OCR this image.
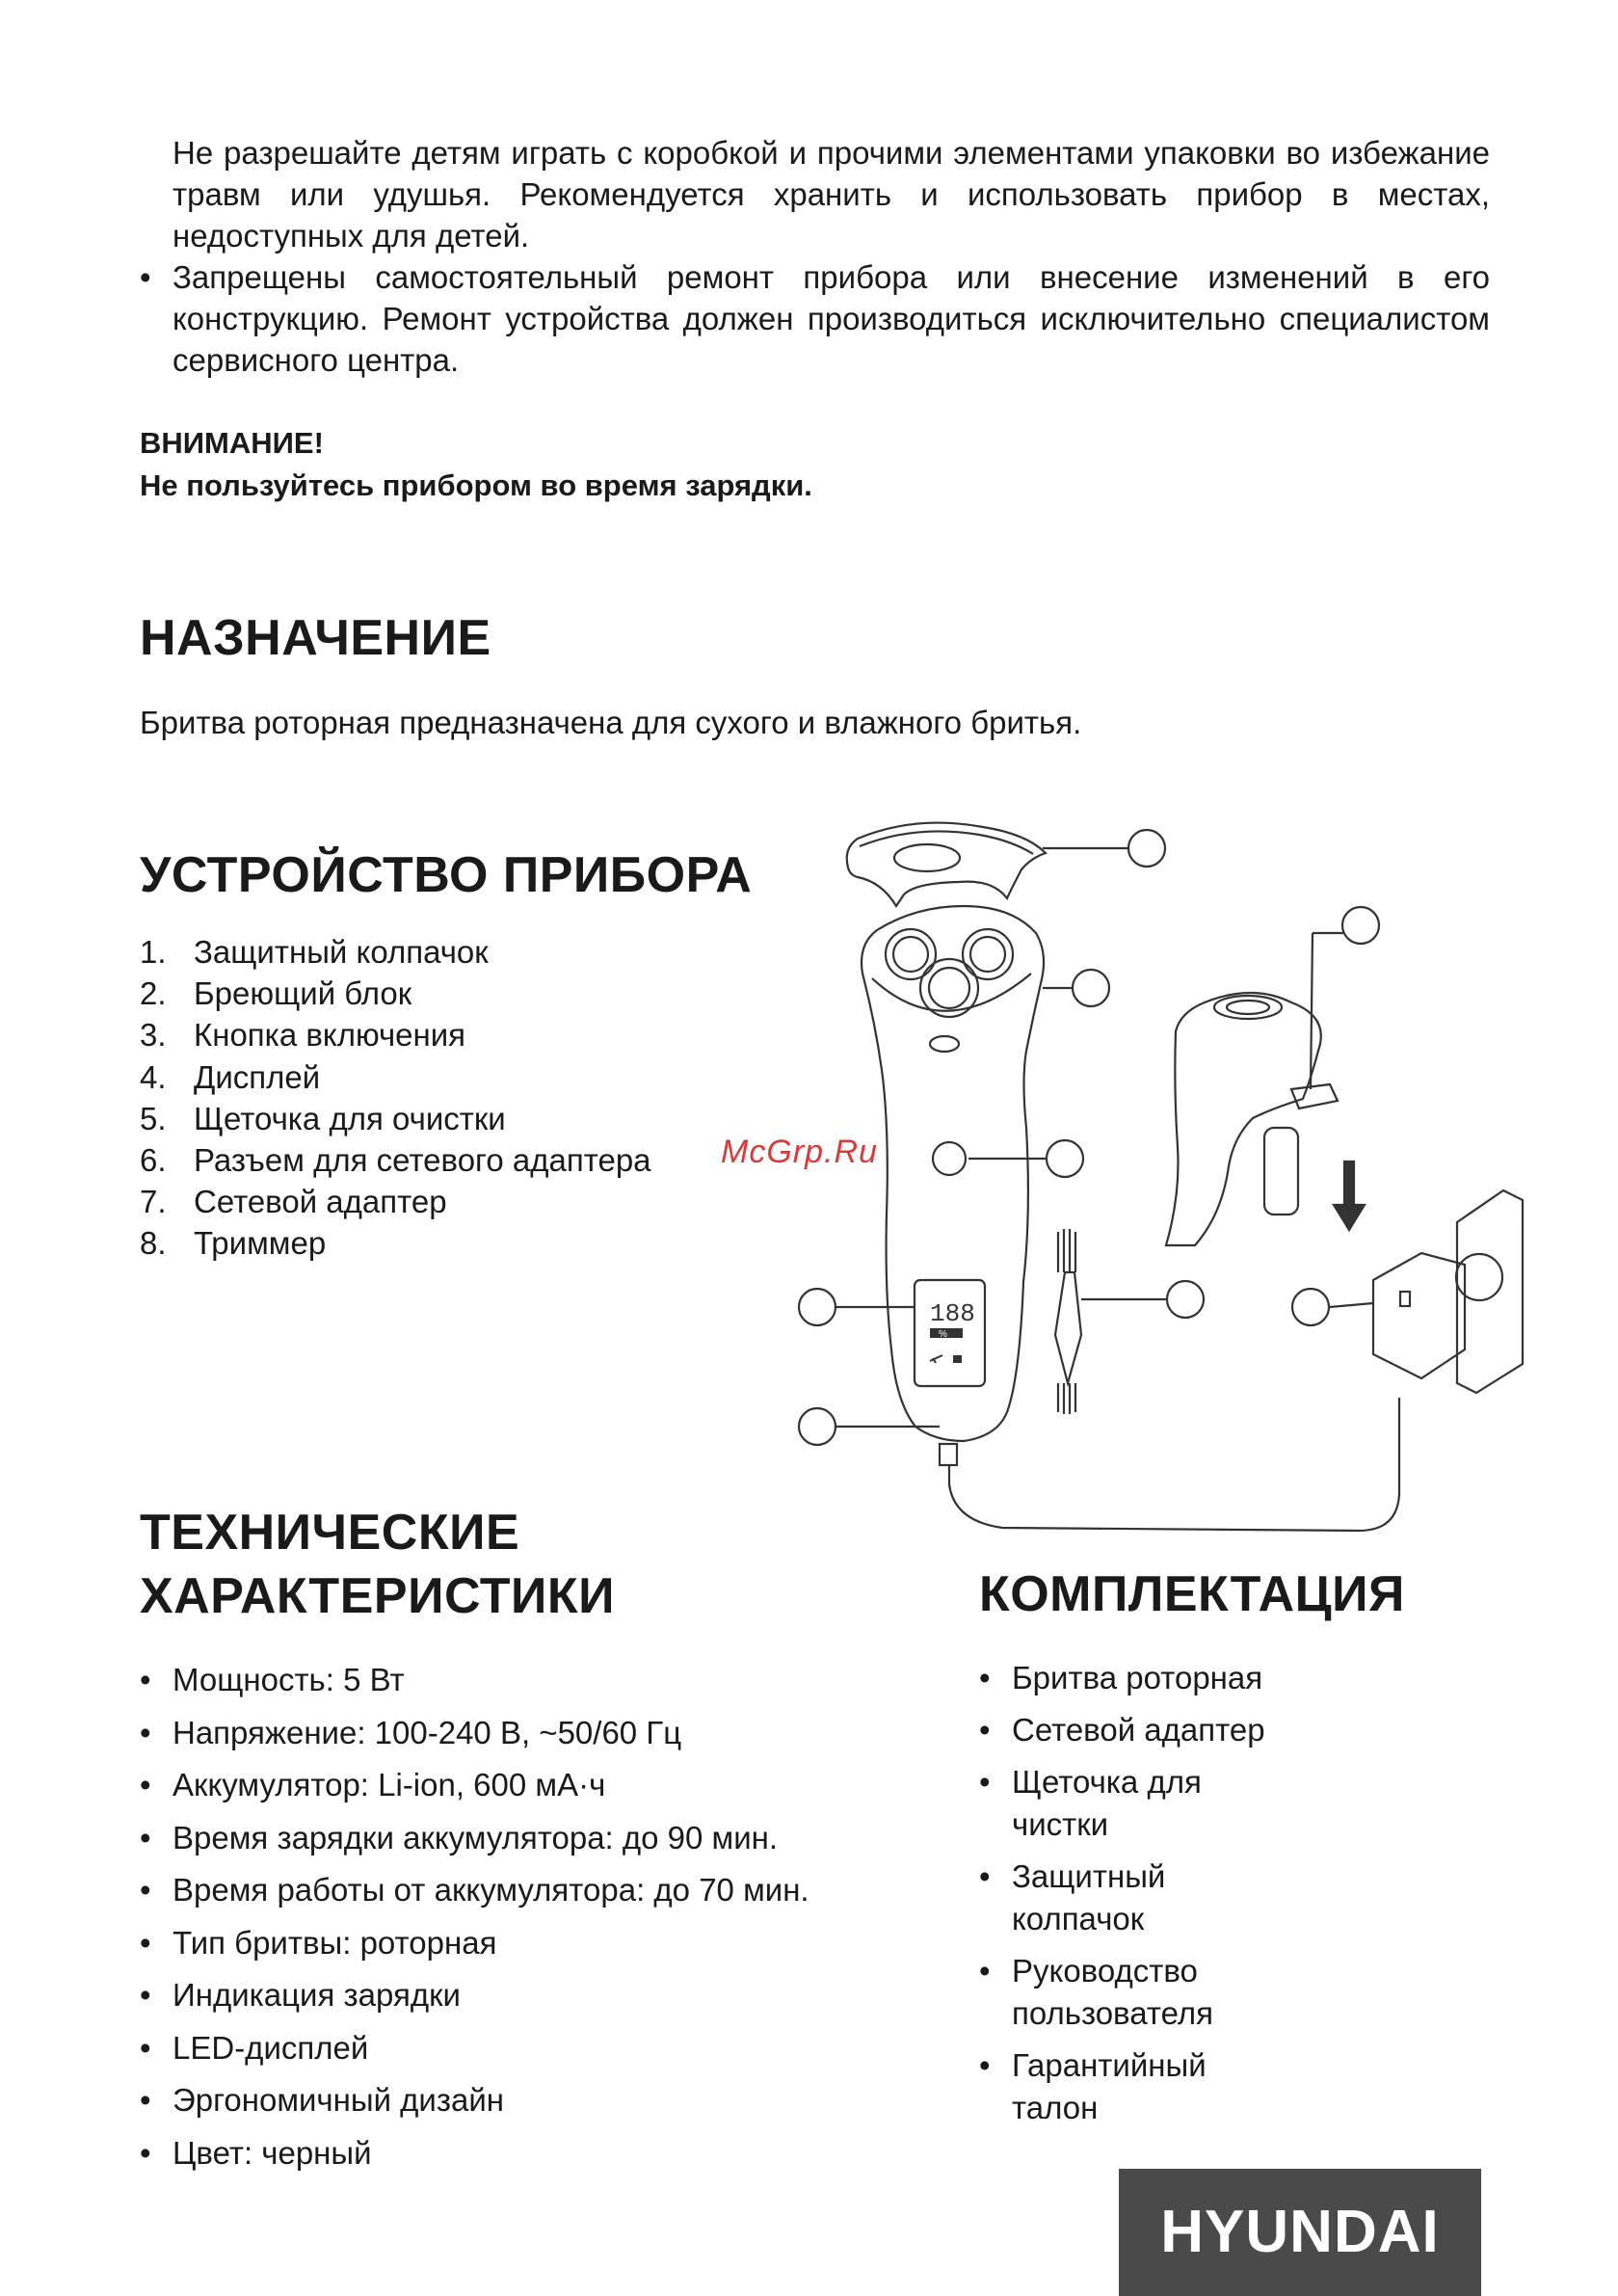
Не разрешайте детям играть с коробкой и прочими элементами упаковки во избежание травм или удушья. Рекомендуется хранить и использовать прибор в местах, недоступных для детей.
• Запрещены самостоятельный ремонт прибора или внесение изменений в его конструкцию. Ремонт устройства должен производиться исключительно специалистом сервисного центра.
ВНИМАНИЕ!
Не пользуйтесь прибором во время зарядки.
НАЗНАЧЕНИЕ
Бритва роторная предназначена для сухого и влажного бритья.
УСТРОЙСТВО ПРИБОРА
1. Защитный колпачок
2. Бреющий блок
3. Кнопка включения
4. Дисплей
5. Щеточка для очистки
6. Разъем для сетевого адаптера
7. Сетевой адаптер
8. Триммер
188
%
McGrp.Ru
ТЕХНИЧЕСКИЕ
ХАРАКТЕРИСТИКИ
• Мощность: 5 Вт
• Напряжение: 100-240 В, ~50/60 Гц
• Аккумулятор: Li-ion, 600 мА·ч
• Время зарядки аккумулятора: до 90 мин.
• Время работы от аккумулятора: до 70 мин.
• Тип бритвы: роторная
• Индикация зарядки
• LED-дисплей
• Эргономичный дизайн
• Цвет: черный
КОМПЛЕКТАЦИЯ
• Бритва роторная
• Сетевой адаптер
• Щеточка для чистки
• Защитный колпачок
• Руководство пользователя
• Гарантийный талон
HYUNDAI
